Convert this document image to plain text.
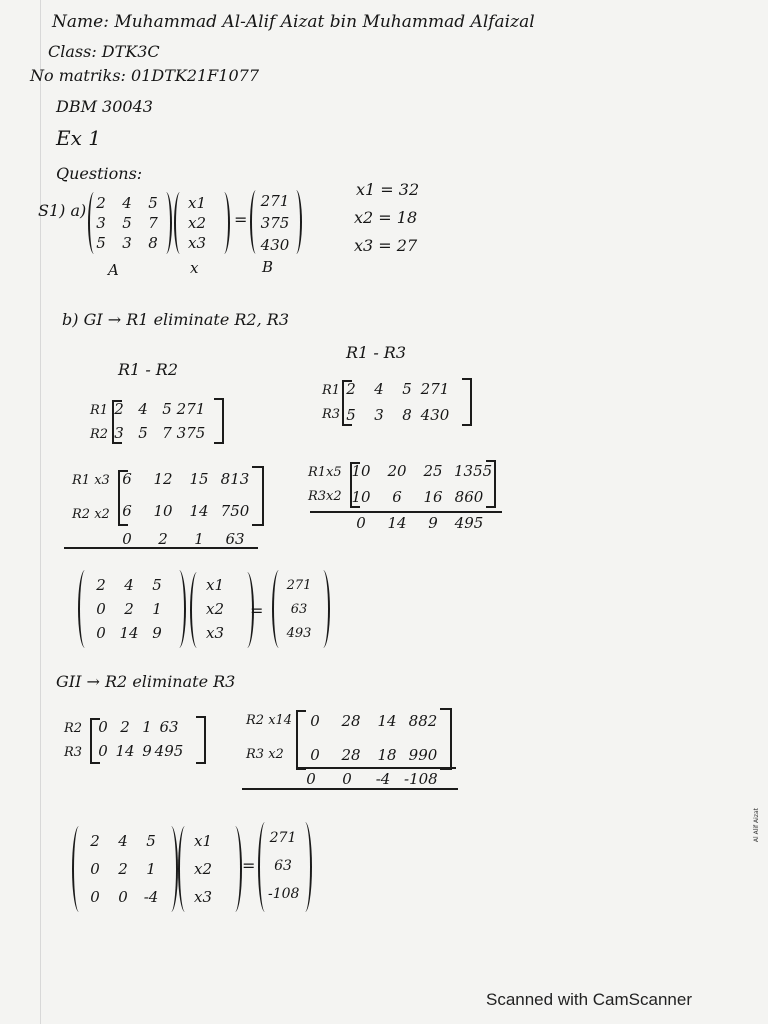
Name: Muhammad Al-Alif Aizat bin Muhammad Alfaizal
Class: DTK3C
No matriks: 01DTK21F1077
DBM 30043
Ex 1
Questions:
S1) a) 2	4	5
3	5	7
5	3	8
x1
x2
x3
=
271
375
430
A	x	B
x1 = 32
x2 = 18
x3 = 27
b) GI → R1 eliminate R2, R3
R1 - R2
R1
R2
2 4 5 271
3 5 7 375
R1 - R3
R1
R3
2	4	5 271
5	3	8 430
R1 x3
R2 x2
6	12	15 813
6	10	14 750
0	2	1	63
R1x5
R3x2
10	20	25 1355
10	6	16 860
0	14	9	495
2	4	5
0	2	1
0 14 9
x1
x2
x3
=
271
63
493
GII → R2 eliminate R3
R2
R3
0 2 1 63
0 14 9 495
R2 x14
R3 x2
0	28	14 882
0	28	18 990
0	0	-4 -108
2	4	5
0	2	1
0	0	-4
x1
x2
x3
=
271
63
-108
Al Alif Aizat
Scanned with CamScanner
